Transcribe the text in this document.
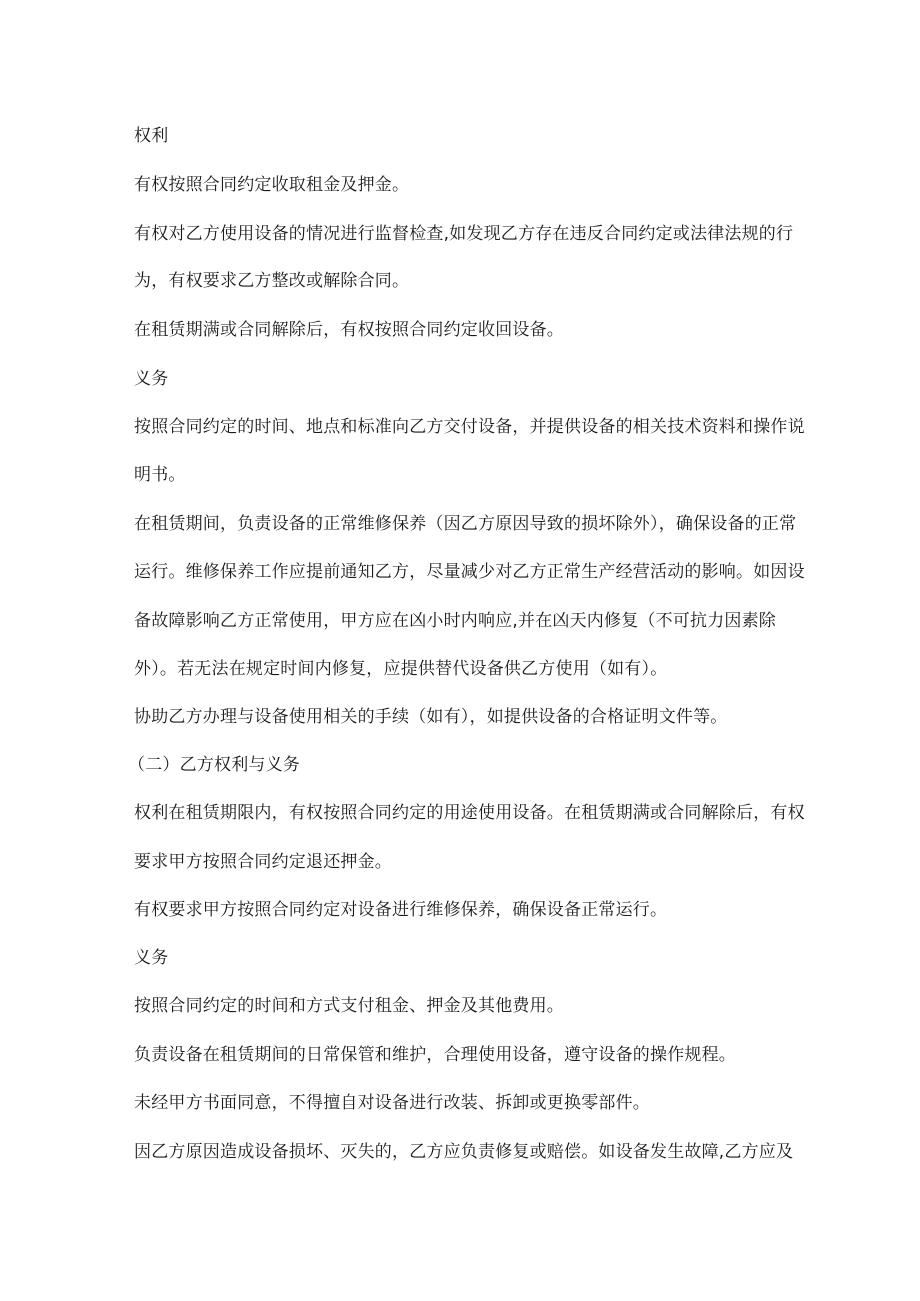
权利
有权按照合同约定收取租金及押金。
有权对乙方使用设备的情况进行监督检查,如发现乙方存在违反合同约定或法律法规的行
为，有权要求乙方整改或解除合同。
在租赁期满或合同解除后，有权按照合同约定收回设备。
义务
按照合同约定的时间、地点和标准向乙方交付设备，并提供设备的相关技术资料和操作说
明书。
在租赁期间，负责设备的正常维修保养（因乙方原因导致的损坏除外），确保设备的正常
运行。维修保养工作应提前通知乙方，尽量减少对乙方正常生产经营活动的影响。如因设
备故障影响乙方正常使用，甲方应在凶小时内响应,并在凶天内修复（不可抗力因素除
外）。若无法在规定时间内修复，应提供替代设备供乙方使用（如有）。
协助乙方办理与设备使用相关的手续（如有），如提供设备的合格证明文件等。
（二）乙方权利与义务
权利在租赁期限内，有权按照合同约定的用途使用设备。在租赁期满或合同解除后，有权
要求甲方按照合同约定退还押金。
有权要求甲方按照合同约定对设备进行维修保养，确保设备正常运行。
义务
按照合同约定的时间和方式支付租金、押金及其他费用。
负责设备在租赁期间的日常保管和维护，合理使用设备，遵守设备的操作规程。
未经甲方书面同意，不得擅自对设备进行改装、拆卸或更换零部件。
因乙方原因造成设备损坏、灭失的，乙方应负责修复或赔偿。如设备发生故障,乙方应及
